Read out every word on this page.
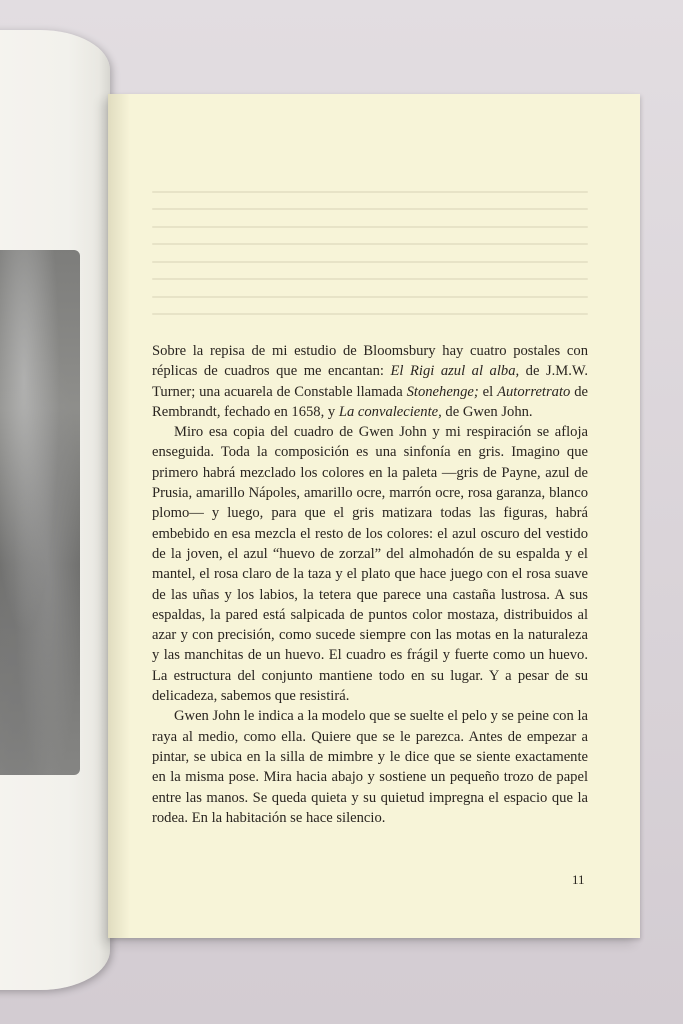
Sobre la repisa de mi estudio de Bloomsbury hay cuatro postales con réplicas de cuadros que me encantan: El Rigi azul al alba, de J.M.W. Turner; una acuarela de Constable llamada Stonehenge; el Autorretrato de Rembrandt, fechado en 1658, y La convaleciente, de Gwen John.

Miro esa copia del cuadro de Gwen John y mi respiración se afloja enseguida. Toda la composición es una sinfonía en gris. Imagino que primero habrá mezclado los colores en la paleta —gris de Payne, azul de Prusia, amarillo Nápoles, amarillo ocre, marrón ocre, rosa garanza, blanco plomo— y luego, para que el gris matizara todas las figuras, habrá embebido en esa mezcla el resto de los colores: el azul oscuro del vestido de la joven, el azul “huevo de zorzal” del almohadón de su espalda y el mantel, el rosa claro de la taza y el plato que hace juego con el rosa suave de las uñas y los labios, la tetera que parece una castaña lustrosa. A sus espaldas, la pared está salpicada de puntos color mostaza, distribuidos al azar y con precisión, como sucede siempre con las motas en la naturaleza y las manchitas de un huevo. El cuadro es frágil y fuerte como un huevo. La estructura del conjunto mantiene todo en su lugar. Y a pesar de su delicadeza, sabemos que resistirá.

Gwen John le indica a la modelo que se suelte el pelo y se peine con la raya al medio, como ella. Quiere que se le parezca. Antes de empezar a pintar, se ubica en la silla de mimbre y le dice que se siente exactamente en la misma pose. Mira hacia abajo y sostiene un pequeño trozo de papel entre las manos. Se queda quieta y su quietud impregna el espacio que la rodea. En la habitación se hace silencio.

11
